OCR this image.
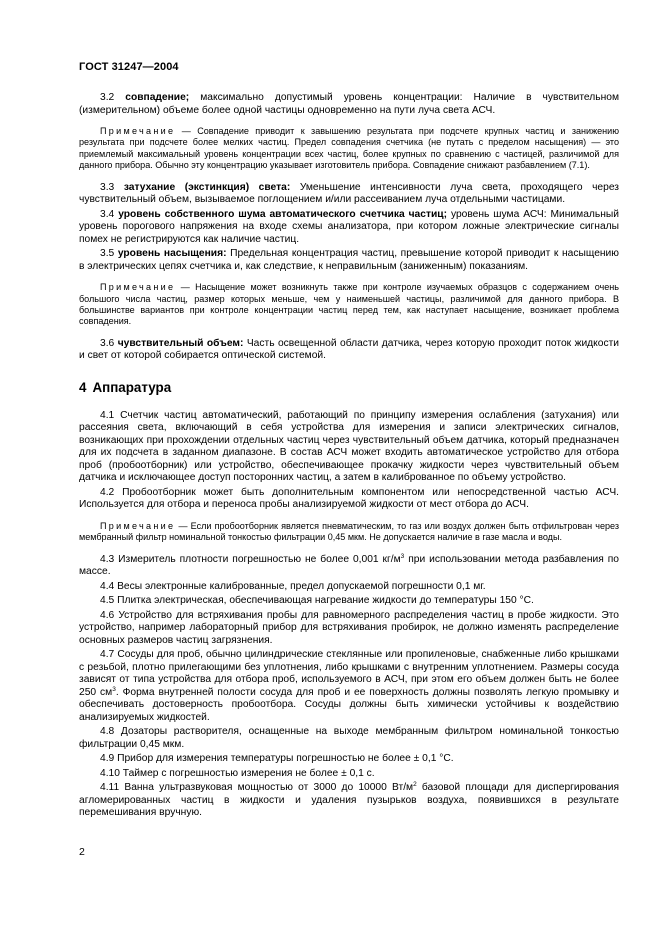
ГОСТ 31247—2004

3.2 совпадение; максимально допустимый уровень концентрации: Наличие в чувствительном (измерительном) объеме более одной частицы одновременно на пути луча света АСЧ.

Примечание — Совпадение приводит к завышению результата при подсчете крупных частиц и занижению результата при подсчете более мелких частиц. Предел совпадения счетчика (не путать с пределом насыщения) — это приемлемый максимальный уровень концентрации всех частиц, более крупных по сравнению с частицей, различимой для данного прибора. Обычно эту концентрацию указывает изготовитель прибора. Совпадение снижают разбавлением (7.1).

3.3 затухание (экстинкция) света: Уменьшение интенсивности луча света, проходящего через чувствительный объем, вызываемое поглощением и/или рассеиванием луча отдельными частицами.

3.4 уровень собственного шума автоматического счетчика частиц; уровень шума АСЧ: Минимальный уровень порогового напряжения на входе схемы анализатора, при котором ложные электрические сигналы помех не регистрируются как наличие частиц.

3.5 уровень насыщения: Предельная концентрация частиц, превышение которой приводит к насыщению в электрических цепях счетчика и, как следствие, к неправильным (заниженным) показаниям.

Примечание — Насыщение может возникнуть также при контроле изучаемых образцов с содержанием очень большого числа частиц, размер которых меньше, чем у наименьшей частицы, различимой для данного прибора. В большинстве вариантов при контроле концентрации частиц перед тем, как наступает насыщение, возникает проблема совпадения.

3.6 чувствительный объем: Часть освещенной области датчика, через которую проходит поток жидкости и свет от которой собирается оптической системой.

4 Аппаратура

4.1 Счетчик частиц автоматический, работающий по принципу измерения ослабления (затухания) или рассеяния света, включающий в себя устройства для измерения и записи электрических сигналов, возникающих при прохождении отдельных частиц через чувствительный объем датчика, который предназначен для их подсчета в заданном диапазоне. В состав АСЧ может входить автоматическое устройство для отбора проб (пробоотборник) или устройство, обеспечивающее прокачку жидкости через чувствительный объем датчика и исключающее доступ посторонних частиц, а затем в калиброванное по объему устройство.

4.2 Пробоотборник может быть дополнительным компонентом или непосредственной частью АСЧ. Используется для отбора и переноса пробы анализируемой жидкости от мест отбора до АСЧ.

Примечание — Если пробоотборник является пневматическим, то газ или воздух должен быть отфильтрован через мембранный фильтр номинальной тонкостью фильтрации 0,45 мкм. Не допускается наличие в газе масла и воды.

4.3 Измеритель плотности погрешностью не более 0,001 $кг/м^3$ при использовании метода разбавления по массе.

4.4 Весы электронные калиброванные, предел допускаемой погрешности 0,1 мг.

4.5 Плитка электрическая, обеспечивающая нагревание жидкости до температуры 150 °С.

4.6 Устройство для встряхивания пробы для равномерного распределения частиц в пробе жидкости. Это устройство, например лабораторный прибор для встряхивания пробирок, не должно изменять распределение основных размеров частиц загрязнения.

4.7 Сосуды для проб, обычно цилиндрические стеклянные или пропиленовые, снабженные либо крышками с резьбой, плотно прилегающими без уплотнения, либо крышками с внутренним уплотнением. Размеры сосуда зависят от типа устройства для отбора проб, используемого в АСЧ, при этом его объем должен быть не более 250 $см^3$. Форма внутренней полости сосуда для проб и ее поверхность должны позволять легкую промывку и обеспечивать достоверность пробоотбора. Сосуды должны быть химически устойчивы к воздействию анализируемых жидкостей.

4.8 Дозаторы растворителя, оснащенные на выходе мембранным фильтром номинальной тонкостью фильтрации 0,45 мкм.

4.9 Прибор для измерения температуры погрешностью не более ± 0,1 °С.

4.10 Таймер с погрешностью измерения не более ± 0,1 с.

4.11 Ванна ультразвуковая мощностью от 3000 до 10000 $Вт/м^2$ базовой площади для диспергирования агломерированных частиц в жидкости и удаления пузырьков воздуха, появившихся в результате перемешивания вручную.

2
